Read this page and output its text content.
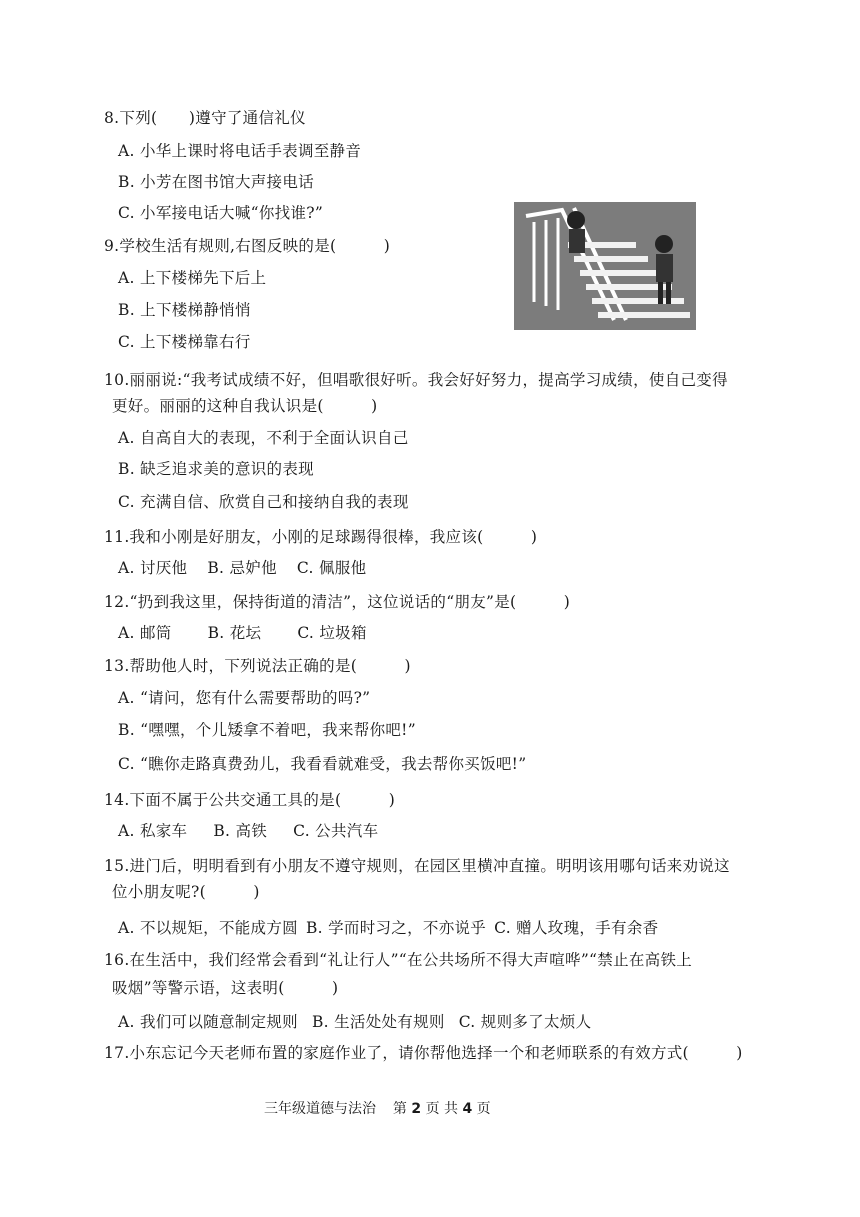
8.下列(　　)遵守了通信礼仪
A. 小华上课时将电话手表调至静音
B. 小芳在图书馆大声接电话
C. 小军接电话大喊“你找谁?”
9.学校生活有规则,右图反映的是(　　　)
A. 上下楼梯先下后上
B. 上下楼梯静悄悄
C. 上下楼梯靠右行
10.丽丽说:“我考试成绩不好，但唱歌很好听。我会好好努力，提高学习成绩，使自己变得
更好。丽丽的这种自我认识是(　　　)
A. 自高自大的表现，不利于全面认识自己
B. 缺乏追求美的意识的表现
C. 充满自信、欣赏自己和接纳自我的表现
11.我和小刚是好朋友，小刚的足球踢得很棒，我应该(　　　)
A. 讨厌他 B. 忌妒他 C. 佩服他
12.“扔到我这里，保持街道的清洁”，这位说话的“朋友”是(　　　)
A. 邮筒 B. 花坛 C. 垃圾箱
13.帮助他人时，下列说法正确的是(　　　)
A. “请问，您有什么需要帮助的吗?”
B. “嘿嘿，个儿矮拿不着吧，我来帮你吧!”
C. “瞧你走路真费劲儿，我看看就难受，我去帮你买饭吧!”
14.下面不属于公共交通工具的是(　　　)
A. 私家车 B. 高铁 C. 公共汽车
15.进门后，明明看到有小朋友不遵守规则，在园区里横冲直撞。明明该用哪句话来劝说这
位小朋友呢?(　　　)
A. 不以规矩，不能成方圆 B. 学而时习之，不亦说乎 C. 赠人玫瑰，手有余香
16.在生活中，我们经常会看到“礼让行人”“在公共场所不得大声喧哗”“禁止在高铁上
吸烟”等警示语，这表明(　　　)
A. 我们可以随意制定规则 B. 生活处处有规则 C. 规则多了太烦人
17.小东忘记今天老师布置的家庭作业了，请你帮他选择一个和老师联系的有效方式(　　　)
三年级道德与法治 第 2 页 共 4 页
